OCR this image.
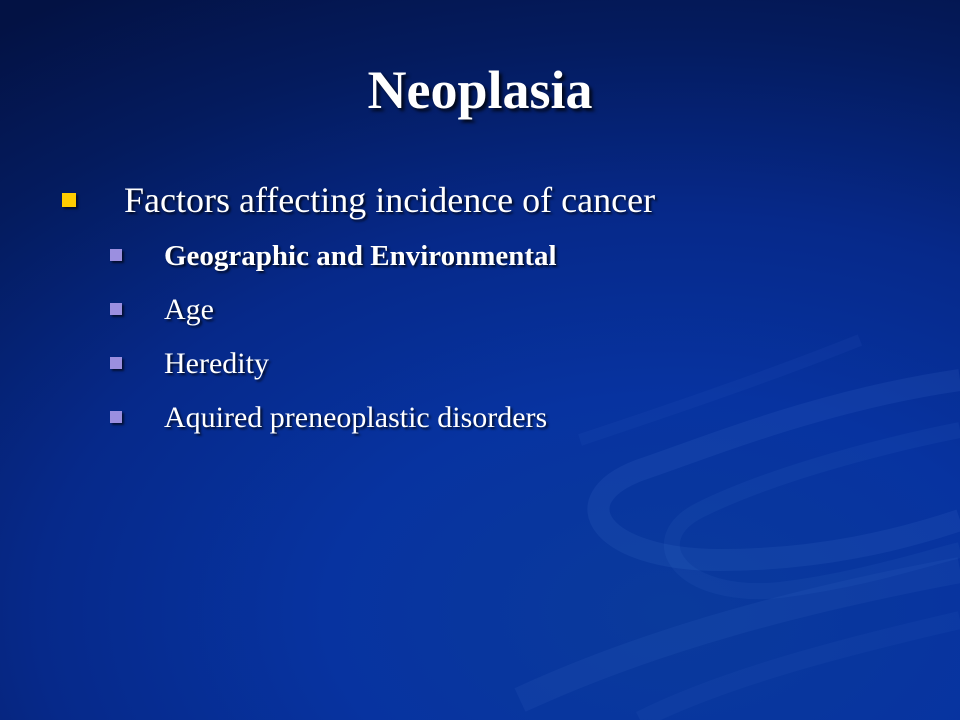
Neoplasia
Factors affecting incidence of cancer
Geographic and Environmental
Age
Heredity
Aquired preneoplastic disorders
